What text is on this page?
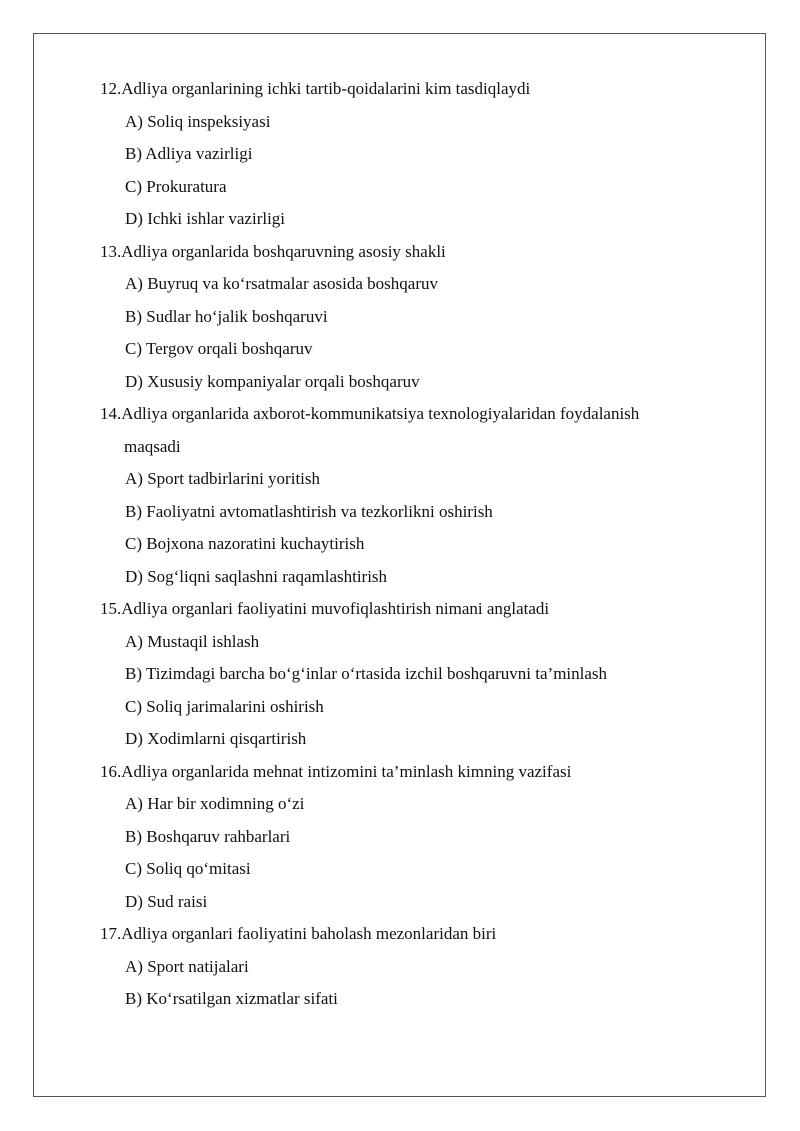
12.Adliya organlarining ichki tartib-qoidalarini kim tasdiqlaydi
A) Soliq inspeksiyasi
B) Adliya vazirligi
C) Prokuratura
D) Ichki ishlar vazirligi
13.Adliya organlarida boshqaruvning asosiy shakli
A) Buyruq va ko‘rsatmalar asosida boshqaruv
B) Sudlar ho‘jalik boshqaruvi
C) Tergov orqali boshqaruv
D) Xususiy kompaniyalar orqali boshqaruv
14.Adliya organlarida axborot-kommunikatsiya texnologiyalaridan foydalanish
maqsadi
A) Sport tadbirlarini yoritish
B) Faoliyatni avtomatlashtirish va tezkorlikni oshirish
C) Bojxona nazoratini kuchaytirish
D) Sog‘liqni saqlashni raqamlashtirish
15.Adliya organlari faoliyatini muvofiqlashtirish nimani anglatadi
A) Mustaqil ishlash
B) Tizimdagi barcha bo‘g‘inlar o‘rtasida izchil boshqaruvni ta’minlash
C) Soliq jarimalarini oshirish
D) Xodimlarni qisqartirish
16.Adliya organlarida mehnat intizomini ta’minlash kimning vazifasi
A) Har bir xodimning o‘zi
B) Boshqaruv rahbarlari
C) Soliq qo‘mitasi
D) Sud raisi
17.Adliya organlari faoliyatini baholash mezonlaridan biri
A) Sport natijalari
B) Ko‘rsatilgan xizmatlar sifati
